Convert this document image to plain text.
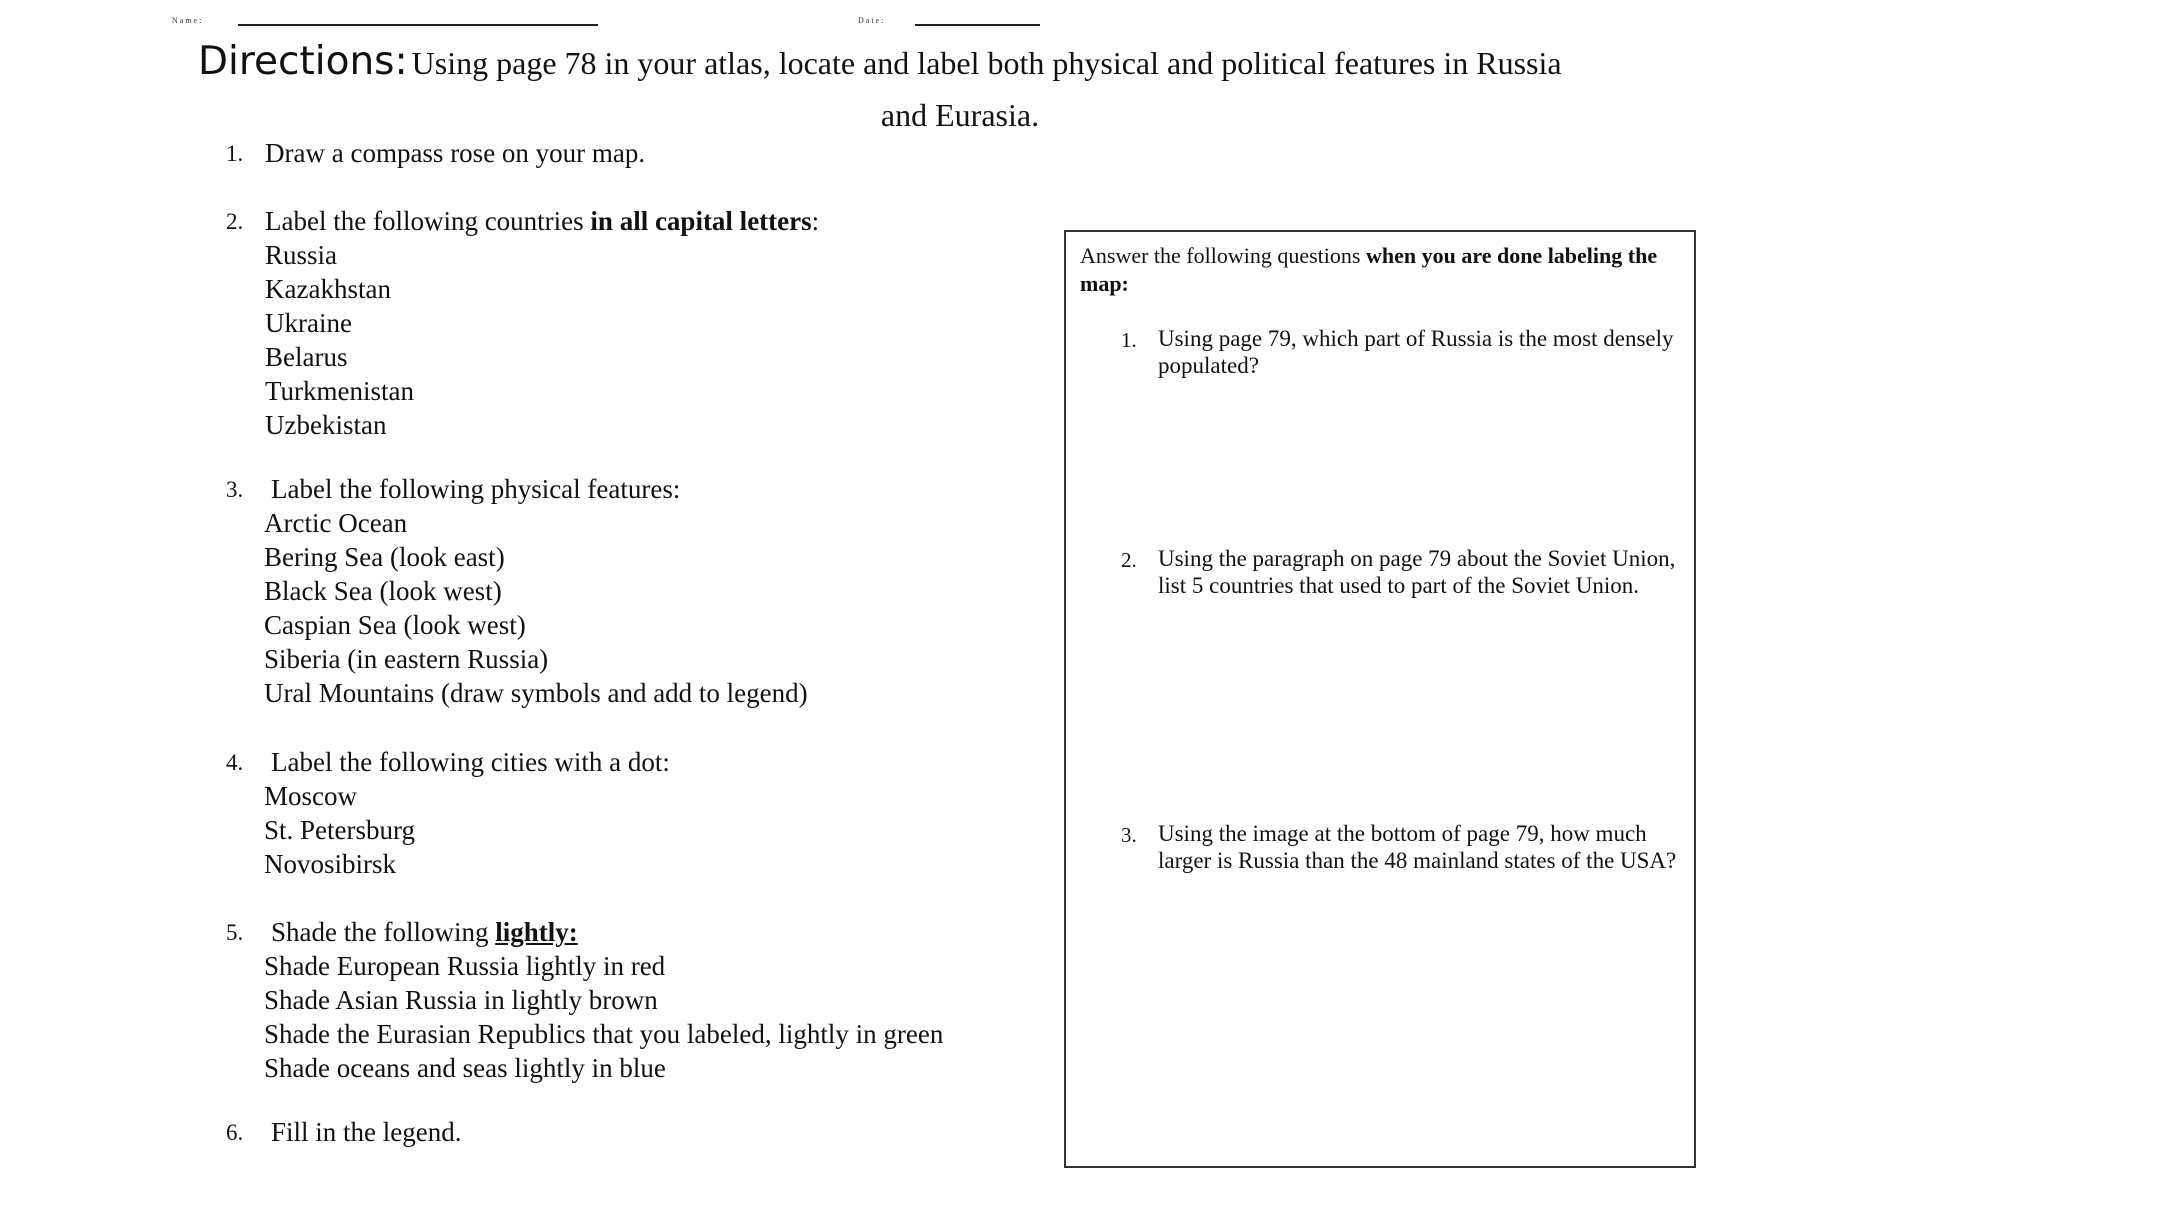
Name:	Date:
Directions: Using page 78 in your atlas, locate and label both physical and political features in Russia
and Eurasia.
1. Draw a compass rose on your map.
2. Label the following countries in all capital letters:
Russia
Kazakhstan
Ukraine
Belarus
Turkmenistan
Uzbekistan
3. Label the following physical features:
Arctic Ocean
Bering Sea (look east)
Black Sea (look west)
Caspian Sea (look west)
Siberia (in eastern Russia)
Ural Mountains (draw symbols and add to legend)
4. Label the following cities with a dot:
Moscow
St. Petersburg
Novosibirsk
5. Shade the following lightly:
Shade European Russia lightly in red
Shade Asian Russia in lightly brown
Shade the Eurasian Republics that you labeled, lightly in green
Shade oceans and seas lightly in blue
6. Fill in the legend.
Answer the following questions when you are done labeling the map:
1. Using page 79, which part of Russia is the most densely populated?
2. Using the paragraph on page 79 about the Soviet Union, list 5 countries that used to part of the Soviet Union.
3. Using the image at the bottom of page 79, how much larger is Russia than the 48 mainland states of the USA?
